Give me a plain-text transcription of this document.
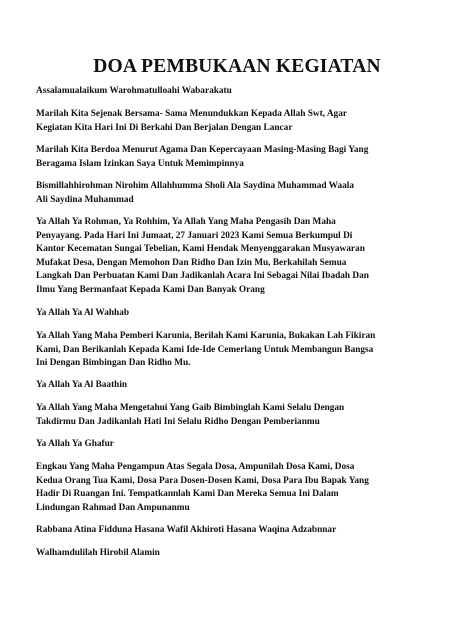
DOA PEMBUKAAN KEGIATAN

Assalamualaikum Warohmatulloahi Wabarakatu

Marilah Kita Sejenak Bersama- Sama Menundukkan Kepada Allah Swt, Agar
Kegiatan Kita Hari Ini Di Berkahi Dan Berjalan Dengan Lancar

Marilah Kita Berdoa Menurut Agama Dan Kepercayaan Masing-Masing Bagi Yang
Beragama Islam Izinkan Saya Untuk Memimpinnya

Bismillahhirohman Nirohim Allahhumma Sholi Ala Saydina Muhammad Waala
Ali Saydina Muhammad

Ya Allah Ya Rohman, Ya Rohhim, Ya Allah Yang Maha Pengasih Dan Maha
Penyayang. Pada Hari Ini Jumaat, 27 Januari 2023 Kami Semua Berkumpul Di
Kantor Kecematan Sungai Tebelian, Kami Hendak Menyenggarakan Musyawaran
Mufakat Desa, Dengan Memohon Dan Ridho Dan Izin Mu, Berkahilah Semua
Langkah Dan Perbuatan Kami Dan Jadikanlah Acara Ini Sebagai Nilai Ibadah Dan
Ilmu Yang Bermanfaat Kepada Kami Dan Banyak Orang

Ya Allah Ya Al Wahhab

Ya Allah Yang Maha Pemberi Karunia, Berilah Kami Karunia, Bukakan Lah Fikiran
Kami, Dan Berikanlah Kepada Kami Ide-Ide Cemerlang Untuk Membangun Bangsa
Ini Dengan Bimbingan Dan Ridho Mu.

Ya Allah Ya Al Baathin

Ya Allah Yang Maha Mengetahui Yang Gaib Bimbinglah Kami Selalu Dengan
Takdirmu Dan Jadikanlah Hati Ini Selalu Ridho Dengan Pemberianmu

Ya Allah Ya Ghafur

Engkau Yang Maha Pengampun Atas Segala Dosa, Ampunilah Dosa Kami, Dosa
Kedua Orang Tua Kami, Dosa Para Dosen-Dosen Kami, Dosa Para Ibu Bapak Yang
Hadir Di Ruangan Ini. Tempatkannlah Kami Dan Mereka Semua Ini Dalam
Lindungan Rahmad Dan Ampunanmu

Rabbana Atina Fidduna Hasana Wafil Akhiroti Hasana Waqina Adzabnnar

Walhamdulilah Hirobil Alamin
